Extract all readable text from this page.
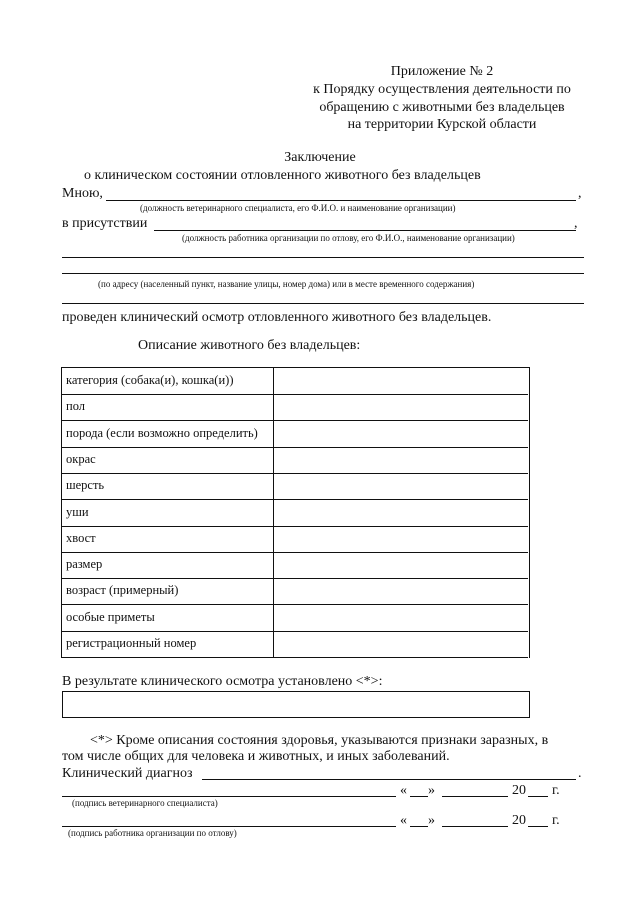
Приложение № 2
к Порядку осуществления деятельности по
обращению с животными без владельцев
на территории Курской области
Заключение
о клиническом состоянии отловленного животного без владельцев
Мною,	,
(должность ветеринарного специалиста, его Ф.И.О. и наименование организации)
в присутствии	,
(должность работника организации по отлову, его Ф.И.О., наименование организации)
(по адресу (населенный пункт, название улицы, номер дома) или в месте временного содержания)
проведен клинический осмотр отловленного животного без владельцев.
Описание животного без владельцев:
категория (собака(и), кошка(и))
пол
порода (если возможно определить)
окрас
шерсть
уши
хвост
размер
возраст (примерный)
особые приметы
регистрационный номер
В результате клинического осмотра установлено <*>:
<*> Кроме описания состояния здоровья, указываются признаки заразных, в
том числе общих для человека и животных, и иных заболеваний.
Клинический диагноз	.
« »	20 г.
(подпись ветеринарного специалиста)
« »	20 г.
(подпись работника организации по отлову)
